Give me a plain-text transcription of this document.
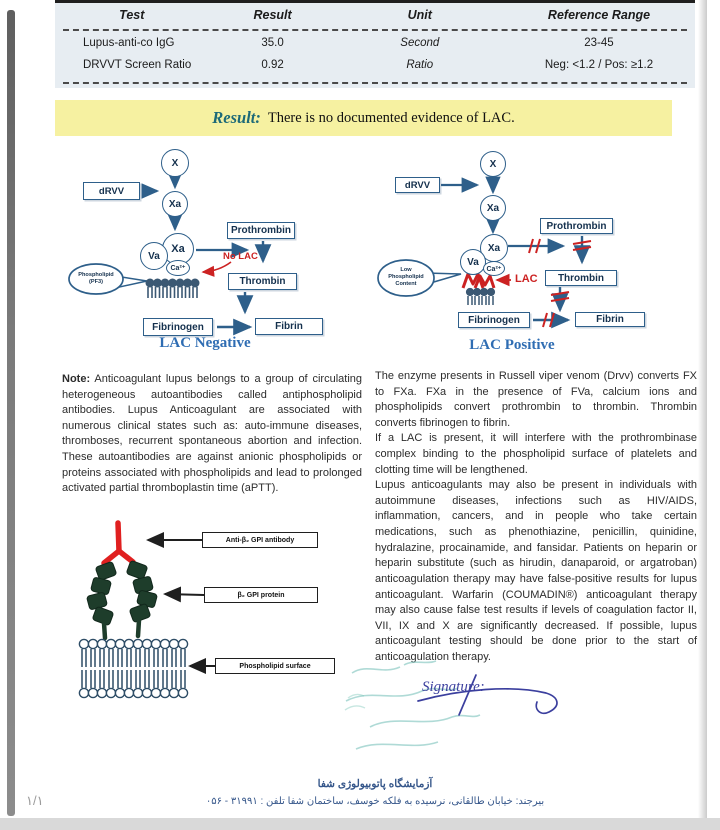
Test	Result	Unit	Reference Range
Lupus-anti-co IgG	35.0	Second	23-45
DRVVT Screen Ratio	0.92	Ratio	Neg: <1.2 / Pos: ≥1.2
Result: There is no documented evidence of LAC.
X
dRVV
Xa
Xa
Va
Ca²⁺
Phospholipid (PF3)
No LAC
Prothrombin
Thrombin
Fibrinogen	Fibrin
LAC Negative
X
dRVV
Xa
Xa
Va
Ca²⁺
Low Phospholipid Content	LAC
Prothrombin
Thrombin
Fibrinogen	Fibrin
LAC Positive

Note: Anticoagulant lupus belongs to a group of circulating heterogeneous autoantibodies called antiphospholipid antibodies. Lupus Anticoagulant are associated with numerous clinical states such as: auto-immune diseases, thromboses, recurrent spontaneous abortion and infection. These autoantibodies are against anionic phospholipids or proteins associated with phospholipids and lead to prolonged activated partial thromboplastin time (aPTT).

The enzyme presents in Russell viper venom (Drvv) converts FX to FXa. FXa in the presence of FVa, calcium ions and phospholipids convert prothrombin to thrombin. Thrombin converts fibrinogen to fibrin.

If a LAC is present, it will interfere with the prothrombinase complex binding to the phospholipid surface of platelets and clotting time will be lengthened.

Lupus anticoagulants may also be present in individuals with autoimmune diseases, infections such as HIV/AIDS, inflammation, cancers, and in people who take certain medications, such as phenothiazine, penicillin, quinidine, hydralazine, procainamide, and fansidar. Patients on heparin or heparin substitute (such as hirudin, danaparoid, or argatroban) anticoagulation therapy may have false-positive results for lupus anticoagulant. Warfarin (COUMADIN®) anticoagulant therapy may also cause false test results if levels of coagulation factor II, VII, IX and X are significantly decreased. If possible, lupus anticoagulant testing should be done prior to the start of anticoagulation therapy.

Anti-β₂ GPI antibody
β₂ GPI protein
Phospholipid surface
Signature:
آزمایشگاه پاتوبیولوژی شفا
بیرجند: خیابان طالقانی، نرسیده به فلکه خوسف، ساختمان شفا تلفن : ۳۱۹۹۱ - ۰۵۶
۱/۱
